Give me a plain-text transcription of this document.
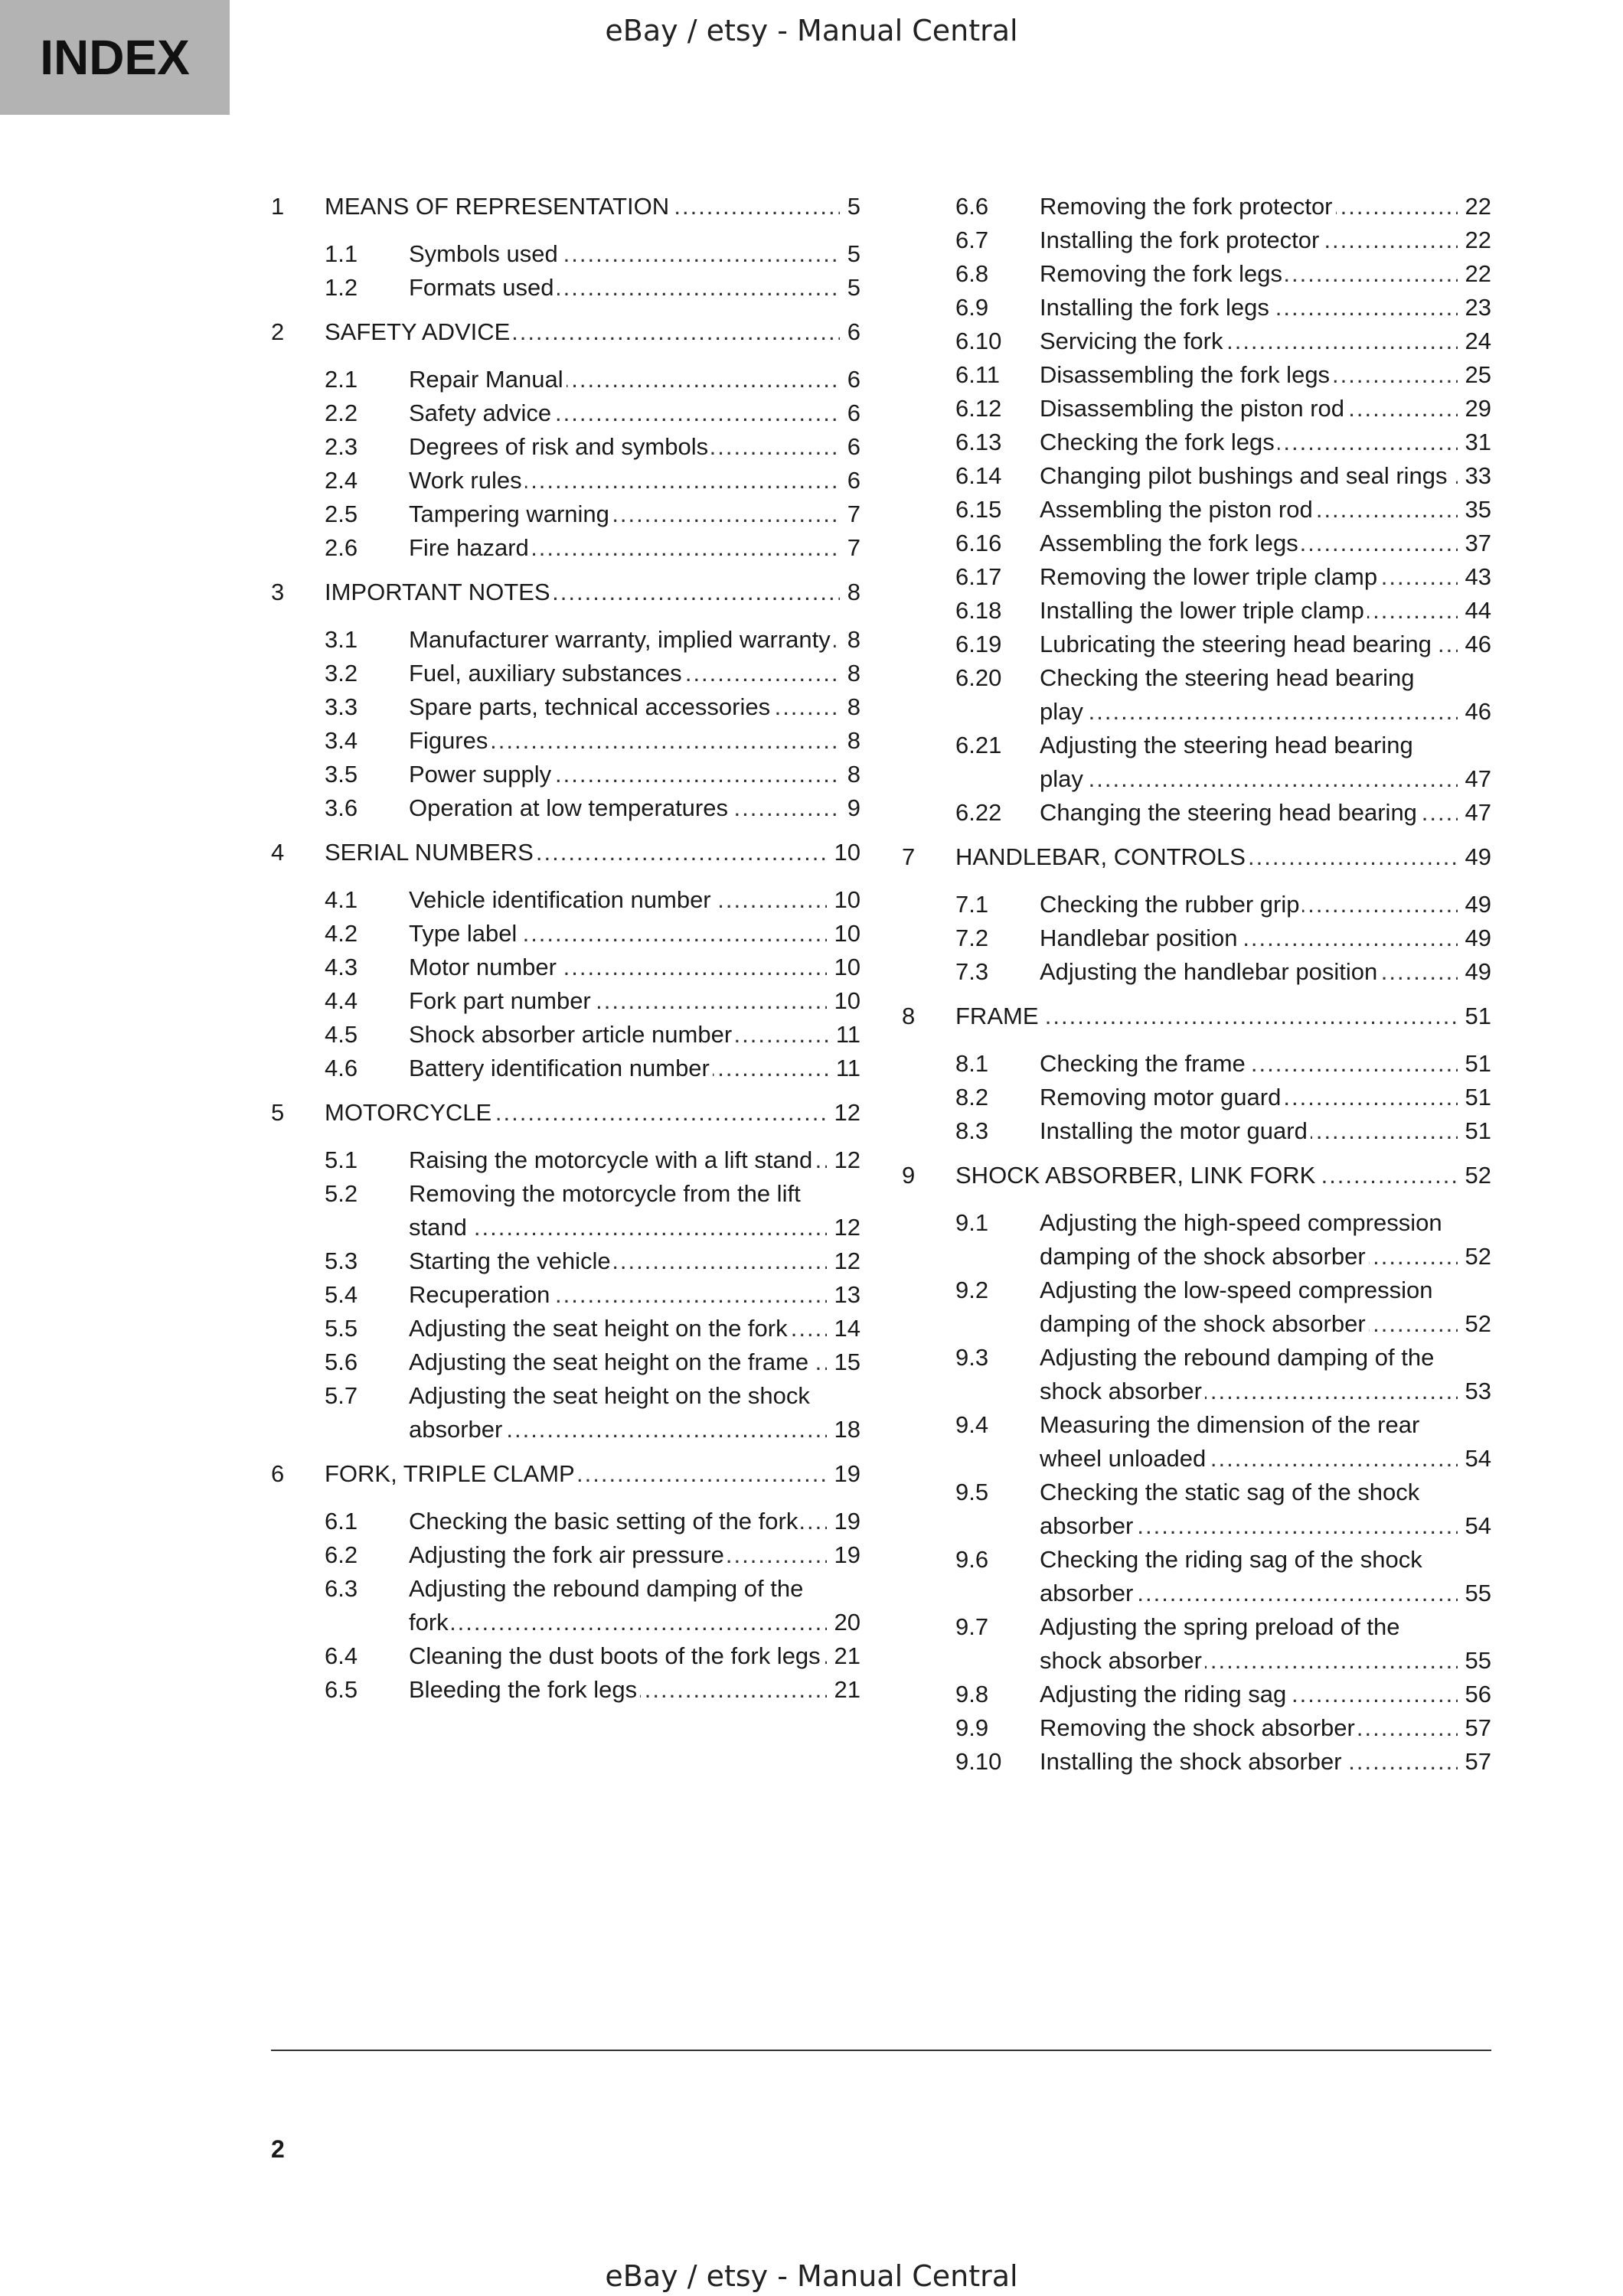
INDEX	eBay / etsy - Manual Central
1 MEANS OF REPRESENTATION .....	5
1.1 Symbols used .....	5
1.2 Formats used .....	5
2 SAFETY ADVICE .....	6
2.1 Repair Manual .....	6
2.2 Safety advice .....	6
2.3 Degrees of risk and symbols .....	6
2.4 Work rules .....	6
2.5 Tampering warning .....	7
2.6 Fire hazard .....	7
3 IMPORTANT NOTES .....	8
3.1 Manufacturer warranty, implied warranty ..... 8
3.2 Fuel, auxiliary substances .....	8
3.3 Spare parts, technical accessories .....	8
3.4 Figures .....	8
3.5 Power supply .....	8
3.6 Operation at low temperatures .....	9
4 SERIAL NUMBERS .....	10
4.1 Vehicle identification number .....	10
4.2 Type label .....	10
4.3 Motor number .....	10
4.4 Fork part number .....	10
4.5 Shock absorber article number .....	11
4.6 Battery identification number .....	11
5 MOTORCYCLE .....	12
5.1 Raising the motorcycle with a lift stand ..... 12
5.2 Removing the motorcycle from the lift stand .....	12
5.3 Starting the vehicle .....	12
5.4 Recuperation .....	13
5.5 Adjusting the seat height on the fork .....	14
5.6 Adjusting the seat height on the frame .....	15
5.7 Adjusting the seat height on the shock absorber .....	18
6 FORK, TRIPLE CLAMP .....	19
6.1 Checking the basic setting of the fork .....	19
6.2 Adjusting the fork air pressure .....	19
6.3 Adjusting the rebound damping of the fork .....	20
6.4 Cleaning the dust boots of the fork legs ..... 21
6.5 Bleeding the fork legs .....	21
6.6 Removing the fork protector .....	22
6.7 Installing the fork protector .....	22
6.8 Removing the fork legs .....	22
6.9 Installing the fork legs .....	23
6.10 Servicing the fork .....	24
6.11 Disassembling the fork legs .....	25
6.12 Disassembling the piston rod .....	29
6.13 Checking the fork legs .....	31
6.14 Changing pilot bushings and seal rings ..... 33
6.15 Assembling the piston rod .....	35
6.16 Assembling the fork legs .....	37
6.17 Removing the lower triple clamp .....	43
6.18 Installing the lower triple clamp .....	44
6.19 Lubricating the steering head bearing .....	46
6.20 Checking the steering head bearing play .....	46
6.21 Adjusting the steering head bearing play .....	47
6.22 Changing the steering head bearing .....	47
7 HANDLEBAR, CONTROLS .....	49
7.1 Checking the rubber grip .....	49
7.2 Handlebar position .....	49
7.3 Adjusting the handlebar position .....	49
8 FRAME .....	51
8.1 Checking the frame .....	51
8.2 Removing motor guard .....	51
8.3 Installing the motor guard .....	51
9 SHOCK ABSORBER, LINK FORK .....	52
9.1 Adjusting the high-speed compression damping of the shock absorber .....	52
9.2 Adjusting the low-speed compression damping of the shock absorber .....	52
9.3 Adjusting the rebound damping of the shock absorber .....	53
9.4 Measuring the dimension of the rear wheel unloaded .....	54
9.5 Checking the static sag of the shock absorber .....	54
9.6 Checking the riding sag of the shock absorber .....	55
9.7 Adjusting the spring preload of the shock absorber .....	55
9.8 Adjusting the riding sag .....	56
9.9 Removing the shock absorber .....	57
9.10 Installing the shock absorber .....	57
2
eBay / etsy - Manual Central
